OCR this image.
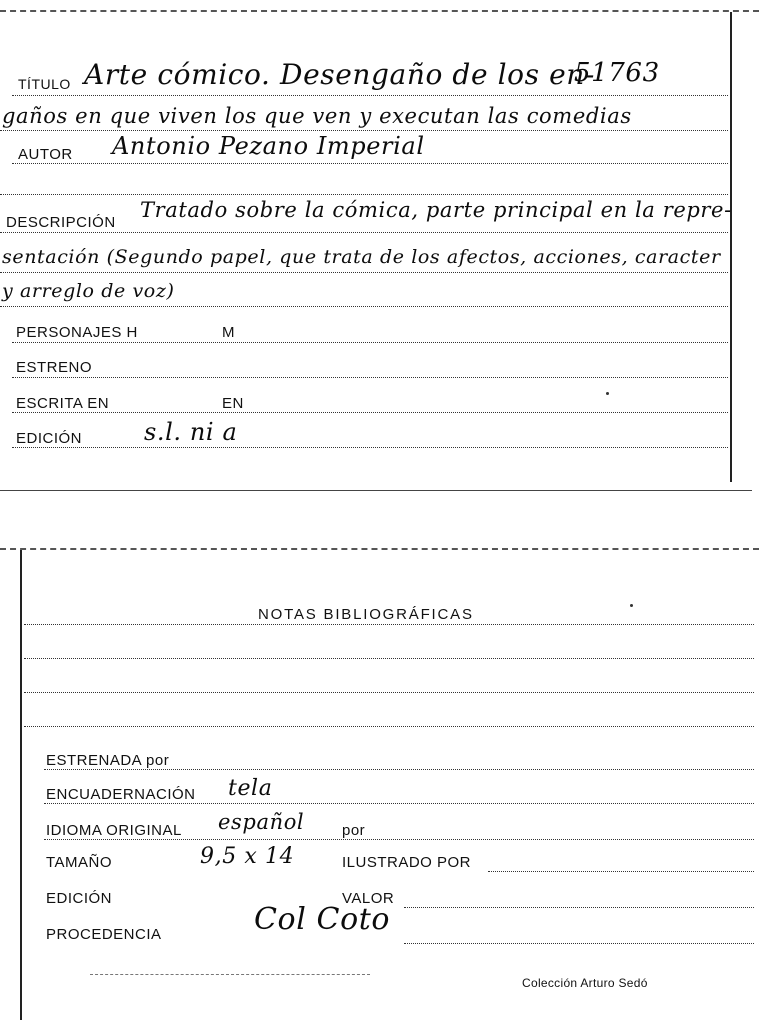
TÍTULO Arte cómico. Desengaño de los en-
51763
gaños en que viven los que ven y executan las comedias
AUTOR Antonio Pezano Imperial
DESCRIPCIÓN
Tratado sobre la cómica, parte principal en la repre-
sentación (Segundo papel, que trata de los afectos, acciones, caracter
y arreglo de voz)
PERSONAJES H	M
ESTRENO
ESCRITA EN	EN
EDICIÓN	s.l. ni a
NOTAS BIBLIOGRÁFICAS
ESTRENADA por
ENCUADERNACIÓN tela
IDIOMA ORIGINAL español	por
TAMAÑO	9,5 x 14	ILUSTRADO POR
EDICIÓN	VALOR
PROCEDENCIA	Col Coto
Colección Arturo Sedó
